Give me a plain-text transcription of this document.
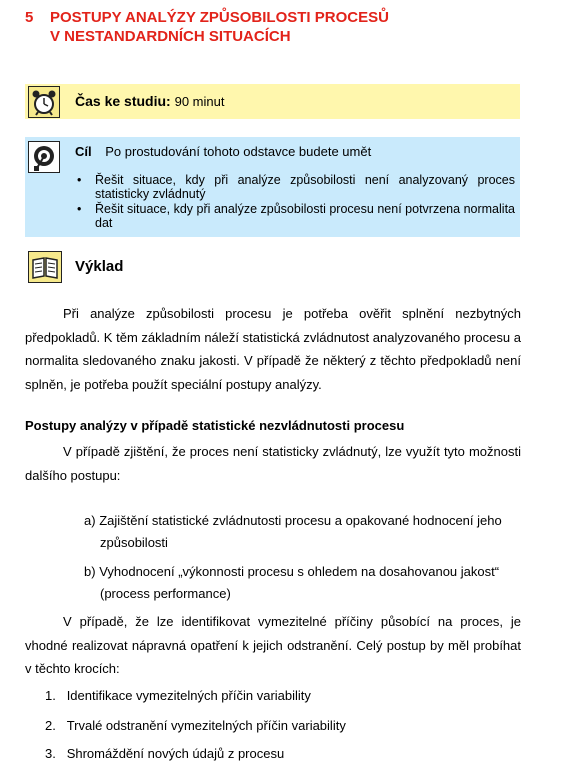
5	POSTUPY ANALÝZY ZPŮSOBILOSTI PROCESŮ
V NESTANDARDNÍCH SITUACÍCH
Čas ke studiu: 90 minut
Cíl Po prostudování tohoto odstavce budete umět
• Řešit situace, kdy při analýze způsobilosti není analyzovaný proces statisticky zvládnutý
• Řešit situace, kdy při analýze způsobilosti procesu není potvrzena normalita dat
Výklad
Při analýze způsobilosti procesu je potřeba ověřit splnění nezbytných předpokladů. K těm základním náleží statistická zvládnutost analyzovaného procesu a normalita sledovaného znaku jakosti. V případě že některý z těchto předpokladů není splněn, je potřeba použít speciální postupy analýzy.
Postupy analýzy v případě statistické nezvládnutosti procesu
V případě zjištění, že proces není statisticky zvládnutý, lze využít tyto možnosti dalšího postupu:
a) Zajištění statistické zvládnutosti procesu a opakované hodnocení jeho
způsobilosti
b) Vyhodnocení „výkonnosti procesu s ohledem na dosahovanou jakost“
(process performance)
V případě, že lze identifikovat vymezitelné příčiny působící na proces, je vhodné realizovat nápravná opatření k jejich odstranění. Celý postup by měl probíhat v těchto krocích:
1. Identifikace vymezitelných příčin variability
2. Trvalé odstranění vymezitelných příčin variability
3. Shromáždění nových údajů z procesu
